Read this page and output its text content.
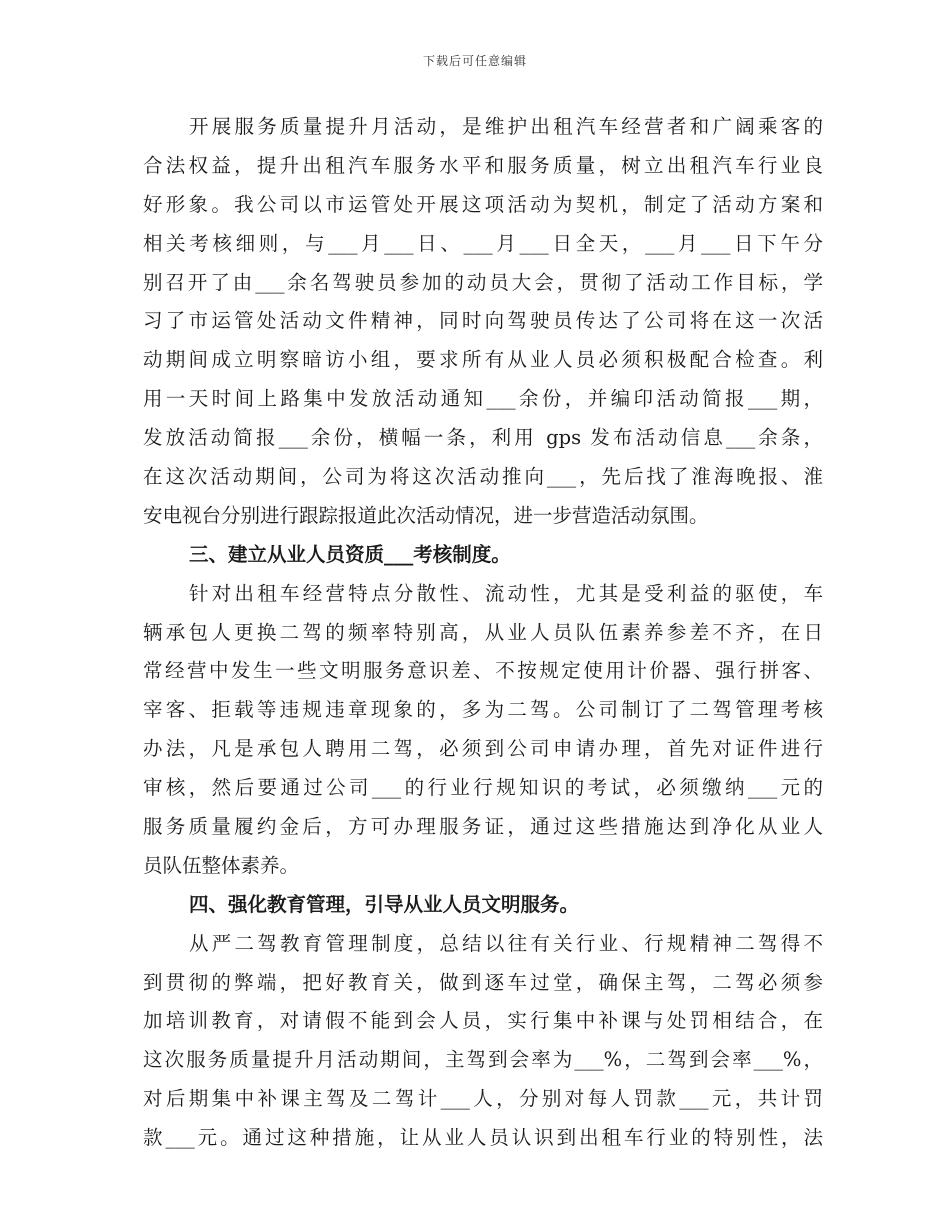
下载后可任意编辑
开展服务质量提升月活动，是维护出租汽车经营者和广阔乘客的
合法权益，提升出租汽车服务水平和服务质量，树立出租汽车行业良
好形象。我公司以市运管处开展这项活动为契机，制定了活动方案和
相关考核细则，与___月___日、___月___日全天，___月___日下午分
别召开了由___余名驾驶员参加的动员大会，贯彻了活动工作目标，学
习了市运管处活动文件精神，同时向驾驶员传达了公司将在这一次活
动期间成立明察暗访小组，要求所有从业人员必须积极配合检查。利
用一天时间上路集中发放活动通知___余份，并编印活动简报___期，
发放活动简报___余份，横幅一条，利用 gps 发布活动信息___余条，
在这次活动期间，公司为将这次活动推向___，先后找了淮海晚报、淮
安电视台分别进行跟踪报道此次活动情况，进一步营造活动氛围。
三、建立从业人员资质___考核制度。
针对出租车经营特点分散性、流动性，尤其是受利益的驱使，车
辆承包人更换二驾的频率特别高，从业人员队伍素养参差不齐，在日
常经营中发生一些文明服务意识差、不按规定使用计价器、强行拼客、
宰客、拒载等违规违章现象的，多为二驾。公司制订了二驾管理考核
办法，凡是承包人聘用二驾，必须到公司申请办理，首先对证件进行
审核，然后要通过公司___的行业行规知识的考试，必须缴纳___元的
服务质量履约金后，方可办理服务证，通过这些措施达到净化从业人
员队伍整体素养。
四、强化教育管理，引导从业人员文明服务。
从严二驾教育管理制度，总结以往有关行业、行规精神二驾得不
到贯彻的弊端，把好教育关，做到逐车过堂，确保主驾，二驾必须参
加培训教育，对请假不能到会人员，实行集中补课与处罚相结合，在
这次服务质量提升月活动期间，主驾到会率为___%，二驾到会率___%，
对后期集中补课主驾及二驾计___人，分别对每人罚款___元，共计罚
款___元。通过这种措施，让从业人员认识到出租车行业的特别性，法
